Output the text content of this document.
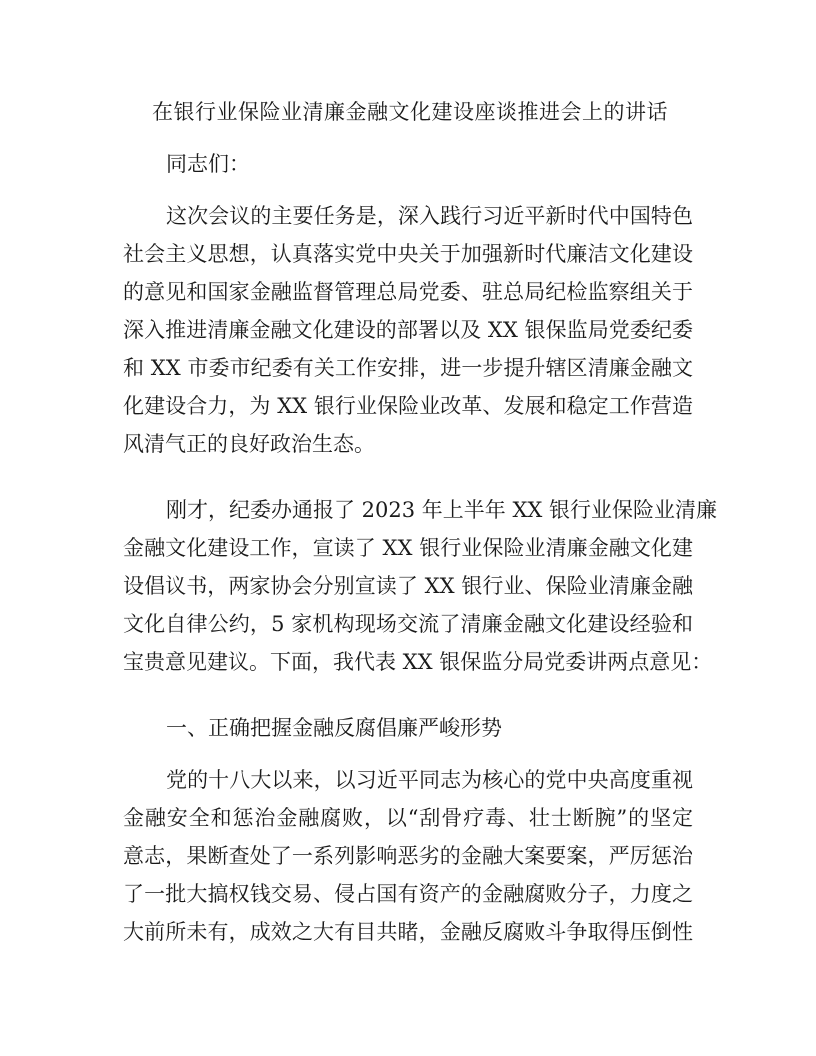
在银行业保险业清廉金融文化建设座谈推进会上的讲话
同志们：
这次会议的主要任务是，深入践行习近平新时代中国特色
社会主义思想，认真落实党中央关于加强新时代廉洁文化建设
的意见和国家金融监督管理总局党委、驻总局纪检监察组关于
深入推进清廉金融文化建设的部署以及 XX 银保监局党委纪委
和 XX 市委市纪委有关工作安排，进一步提升辖区清廉金融文
化建设合力，为 XX 银行业保险业改革、发展和稳定工作营造
风清气正的良好政治生态。
刚才，纪委办通报了 2023 年上半年 XX 银行业保险业清廉
金融文化建设工作，宣读了 XX 银行业保险业清廉金融文化建
设倡议书，两家协会分别宣读了 XX 银行业、保险业清廉金融
文化自律公约，5 家机构现场交流了清廉金融文化建设经验和
宝贵意见建议。下面，我代表 XX 银保监分局党委讲两点意见：
一、正确把握金融反腐倡廉严峻形势
党的十八大以来，以习近平同志为核心的党中央高度重视
金融安全和惩治金融腐败，以“刮骨疗毒、壮士断腕”的坚定
意志，果断查处了一系列影响恶劣的金融大案要案，严厉惩治
了一批大搞权钱交易、侵占国有资产的金融腐败分子，力度之
大前所未有，成效之大有目共睹，金融反腐败斗争取得压倒性
